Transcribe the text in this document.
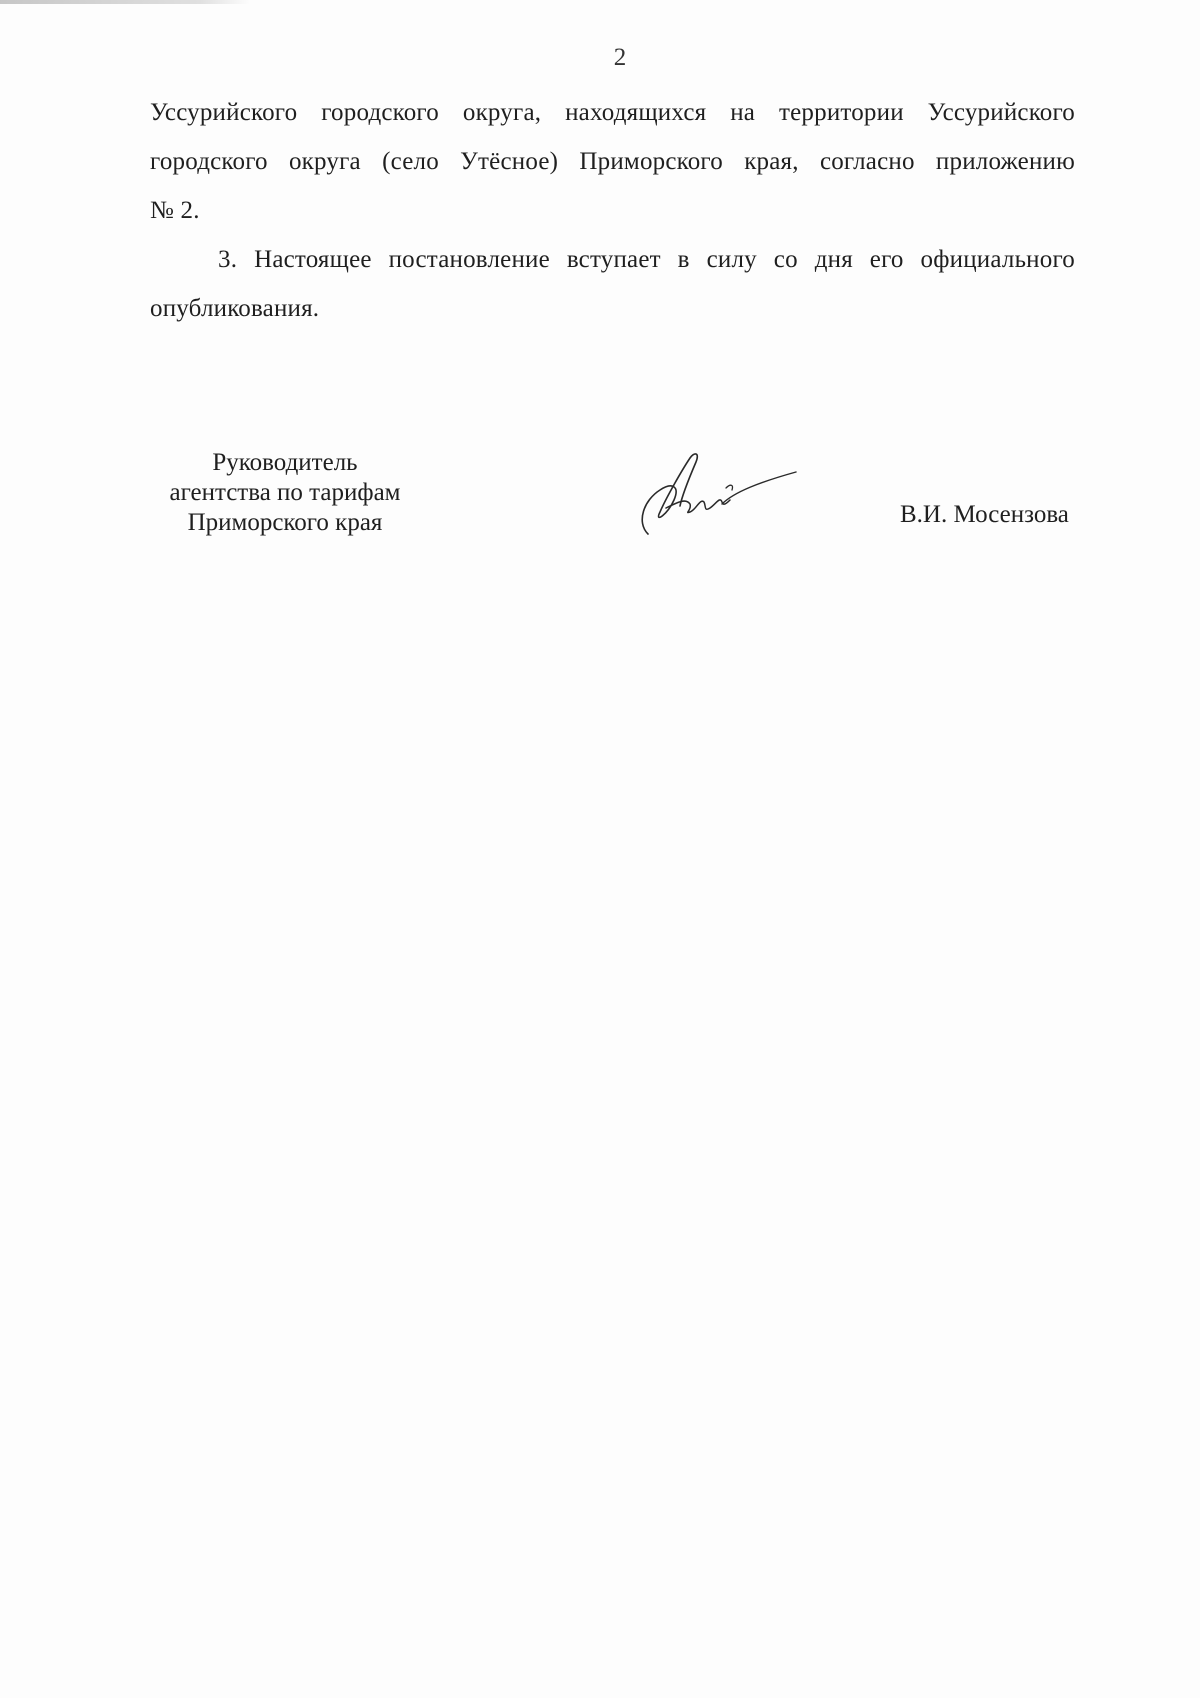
2

Уссурийского городского округа, находящихся на территории Уссурийского
городского округа (село Утёсное) Приморского края, согласно приложению
№ 2.

3. Настоящее постановление вступает в силу со дня его официального
опубликования.

Руководитель
агентства по тарифам
Приморского края	В.И. Мосензова
